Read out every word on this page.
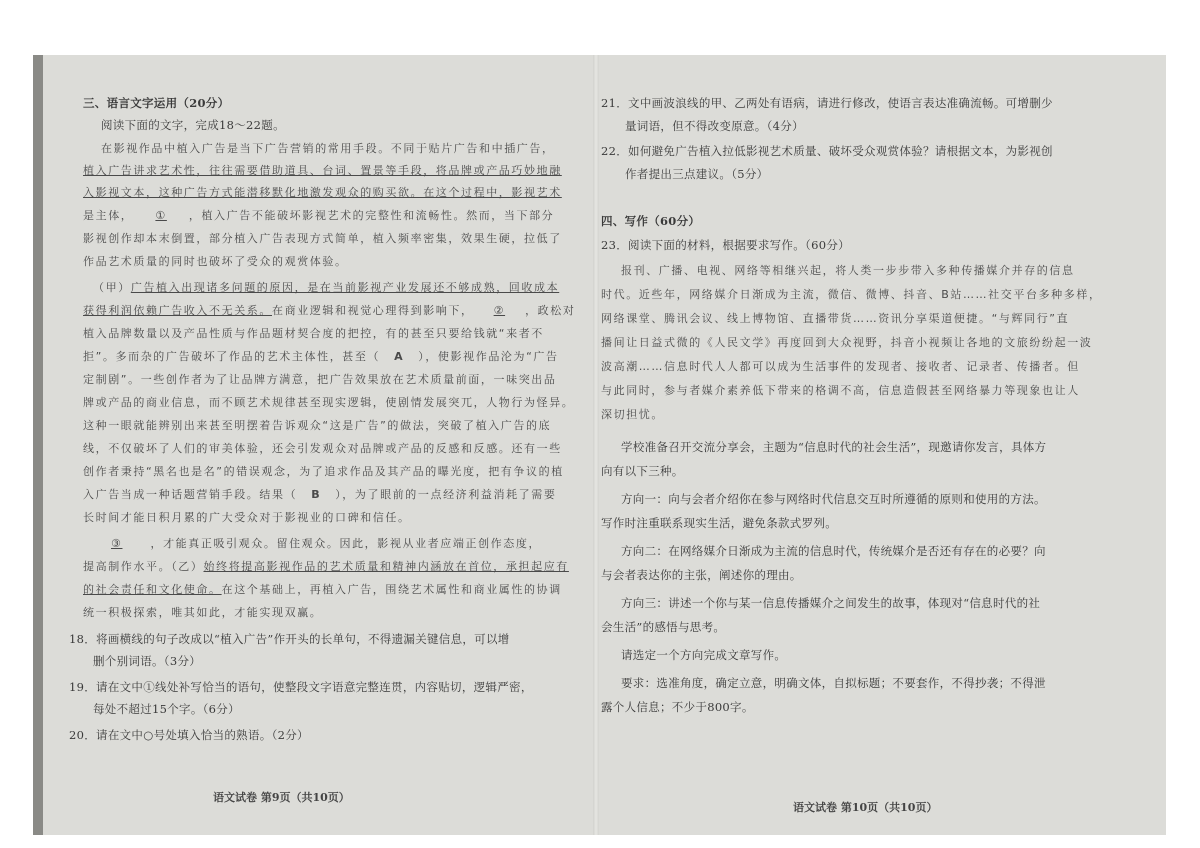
三、语言文字运用（20分）
阅读下面的文字，完成18～22题。
在影视作品中植入广告是当下广告营销的常用手段。不同于贴片广告和中插广告，
植入广告讲求艺术性，往往需要借助道具、台词、置景等手段，将品牌或产品巧妙地融
入影视文本，这种广告方式能潜移默化地激发观众的购买欲。在这个过程中，影视艺术
是主体， ① ，植入广告不能破坏影视艺术的完整性和流畅性。然而，当下部分
影视创作却本末倒置，部分植入广告表现方式简单，植入频率密集，效果生硬，拉低了
作品艺术质量的同时也破坏了受众的观赏体验。
（甲）广告植入出现诸多问题的原因，是在当前影视产业发展还不够成熟，回收成本
获得利润依赖广告收入不无关系。在商业逻辑和视觉心理得到影响下， ② ，政松对
植入品牌数量以及产品性质与作品题材契合度的把控，有的甚至只要给钱就“来者不
拒”。多而杂的广告破坏了作品的艺术主体性，甚至（ A ），使影视作品沦为“广告
定制剧”。一些创作者为了让品牌方满意，把广告效果放在艺术质量前面，一味突出品
牌或产品的商业信息，而不顾艺术规律甚至现实逻辑，使剧情发展突兀，人物行为怪异。
这种一眼就能辨别出来甚至明摆着告诉观众“这是广告”的做法，突破了植入广告的底
线，不仅破坏了人们的审美体验，还会引发观众对品牌或产品的反感和反感。还有一些
创作者秉持“黑名也是名”的错误观念，为了追求作品及其产品的曝光度，把有争议的植
入广告当成一种话题营销手段。结果（ B ），为了眼前的一点经济利益消耗了需要
长时间才能日积月累的广大受众对于影视业的口碑和信任。
③	，才能真正吸引观众。留住观众。因此，影视从业者应端正创作态度，
提高制作水平。（乙）始终将提高影视作品的艺术质量和精神内涵放在首位，承担起应有
的社会责任和文化使命。在这个基础上，再植入广告，围绕艺术属性和商业属性的协调
统一积极探索，唯其如此，才能实现双赢。
18．将画横线的句子改成以“植入广告”作开头的长单句，不得遗漏关键信息，可以增
删个别词语。（3分）
19．请在文中①线处补写恰当的语句，使整段文字语意完整连贯，内容贴切，逻辑严密，
每处不超过15个字。（6分）
20．请在文中○号处填入恰当的熟语。（2分）
语文试卷 第9页（共10页）
21．文中画波浪线的甲、乙两处有语病，请进行修改，使语言表达准确流畅。可增删少
量词语，但不得改变原意。（4分）
22．如何避免广告植入拉低影视艺术质量、破坏受众观赏体验？请根据文本，为影视创
作者提出三点建议。（5分）
四、写作（60分）
23．阅读下面的材料，根据要求写作。（60分）
报刊、广播、电视、网络等相继兴起，将人类一步步带入多种传播媒介并存的信息
时代。近些年，网络媒介日渐成为主流，微信、微博、抖音、B站……社交平台多种多样，
网络课堂、腾讯会议、线上博物馆、直播带货……资讯分享渠道便捷。“与辉同行”直
播间让日益式微的《人民文学》再度回到大众视野，抖音小视频让各地的文旅纷纷起一波
波高潮……信息时代人人都可以成为生活事件的发现者、接收者、记录者、传播者。但
与此同时，参与者媒介素养低下带来的格调不高，信息造假甚至网络暴力等现象也让人
深切担忧。
学校准备召开交流分享会，主题为“信息时代的社会生活”，现邀请你发言，具体方
向有以下三种。
方向一：向与会者介绍你在参与网络时代信息交互时所遵循的原则和使用的方法。
写作时注重联系现实生活，避免条款式罗列。
方向二：在网络媒介日渐成为主流的信息时代，传统媒介是否还有存在的必要？向
与会者表达你的主张，阐述你的理由。
方向三：讲述一个你与某一信息传播媒介之间发生的故事，体现对“信息时代的社
会生活”的感悟与思考。
请选定一个方向完成文章写作。
要求：选准角度，确定立意，明确文体，自拟标题；不要套作，不得抄袭；不得泄
露个人信息；不少于800字。
语文试卷 第10页（共10页）
